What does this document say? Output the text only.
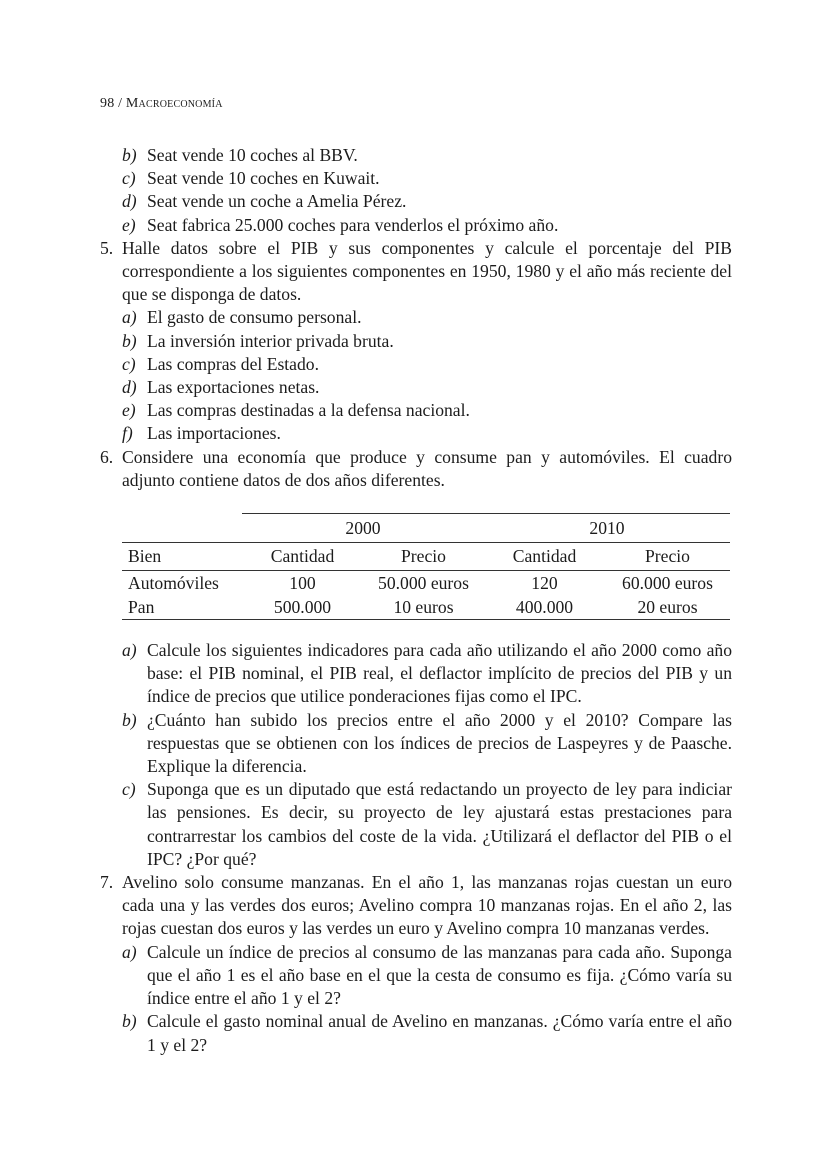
98 / Macroeconomía
b) Seat vende 10 coches al BBV.
c) Seat vende 10 coches en Kuwait.
d) Seat vende un coche a Amelia Pérez.
e) Seat fabrica 25.000 coches para venderlos el próximo año.
5. Halle datos sobre el PIB y sus componentes y calcule el porcentaje del PIB correspondiente a los siguientes componentes en 1950, 1980 y el año más reciente del que se disponga de datos.
a) El gasto de consumo personal.
b) La inversión interior privada bruta.
c) Las compras del Estado.
d) Las exportaciones netas.
e) Las compras destinadas a la defensa nacional.
f) Las importaciones.
6. Considere una economía que produce y consume pan y automóviles. El cuadro adjunto contiene datos de dos años diferentes.
	2000		2010	
Bien	Cantidad	Precio	Cantidad	Precio
Automóviles	100	50.000 euros	120	60.000 euros
Pan	500.000	10 euros	400.000	20 euros
a) Calcule los siguientes indicadores para cada año utilizando el año 2000 como año base: el PIB nominal, el PIB real, el deflactor implícito de precios del PIB y un índice de precios que utilice ponderaciones fijas como el IPC.
b) ¿Cuánto han subido los precios entre el año 2000 y el 2010? Compare las respuestas que se obtienen con los índices de precios de Laspeyres y de Paasche. Explique la diferencia.
c) Suponga que es un diputado que está redactando un proyecto de ley para indiciar las pensiones. Es decir, su proyecto de ley ajustará estas prestaciones para contrarrestar los cambios del coste de la vida. ¿Utilizará el deflactor del PIB o el IPC? ¿Por qué?
7. Avelino solo consume manzanas. En el año 1, las manzanas rojas cuestan un euro cada una y las verdes dos euros; Avelino compra 10 manzanas rojas. En el año 2, las rojas cuestan dos euros y las verdes un euro y Avelino compra 10 manzanas verdes.
a) Calcule un índice de precios al consumo de las manzanas para cada año. Suponga que el año 1 es el año base en el que la cesta de consumo es fija. ¿Cómo varía su índice entre el año 1 y el 2?
b) Calcule el gasto nominal anual de Avelino en manzanas. ¿Cómo varía entre el año 1 y el 2?
